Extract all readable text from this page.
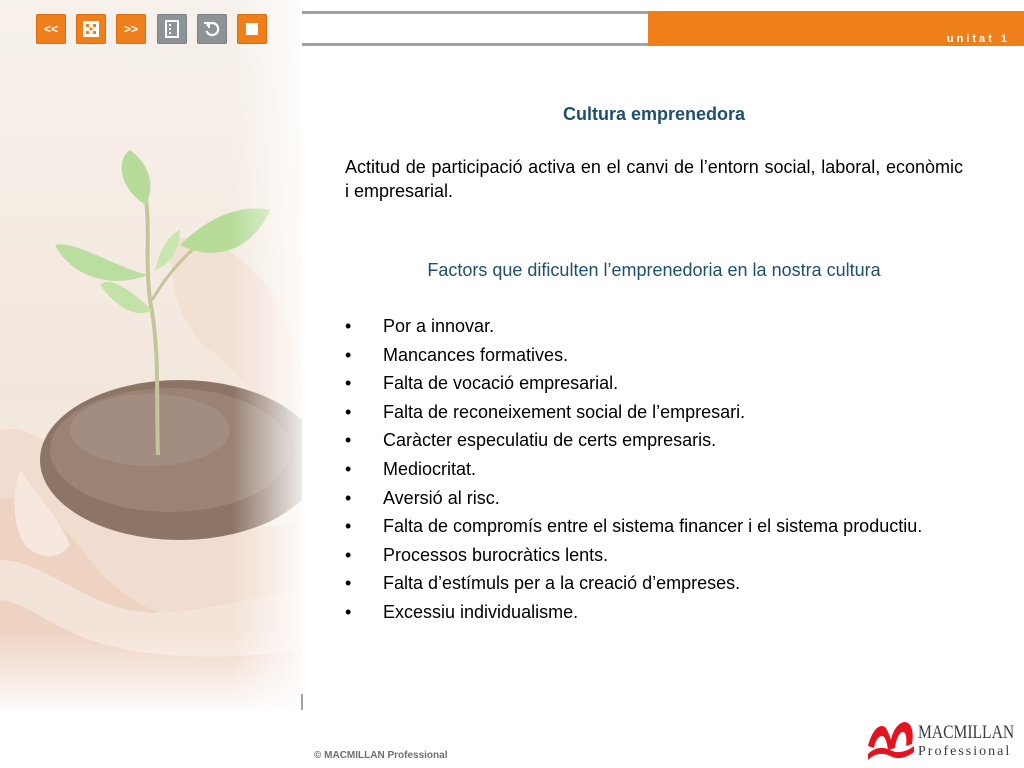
<<	>>
unitat 1
Cultura emprenedora
Actitud de participació activa en el canvi de l’entorn social, laboral, econòmic i empresarial.
Factors que dificulten l’emprenedoria en la nostra cultura
•	Por a innovar.
•	Mancances formatives.
•	Falta de vocació empresarial.
•	Falta de reconeixement social de l’empresari.
•	Caràcter especulatiu de certs empresaris.
•	Mediocritat.
•	Aversió al risc.
•	Falta de compromís entre el sistema financer i el sistema productiu.
•	Processos burocràtics lents.
•	Falta d’estímuls per a la creació d’empreses.
•	Excessiu individualisme.
© MACMILLAN Professional
MACMILLAN
Professional
